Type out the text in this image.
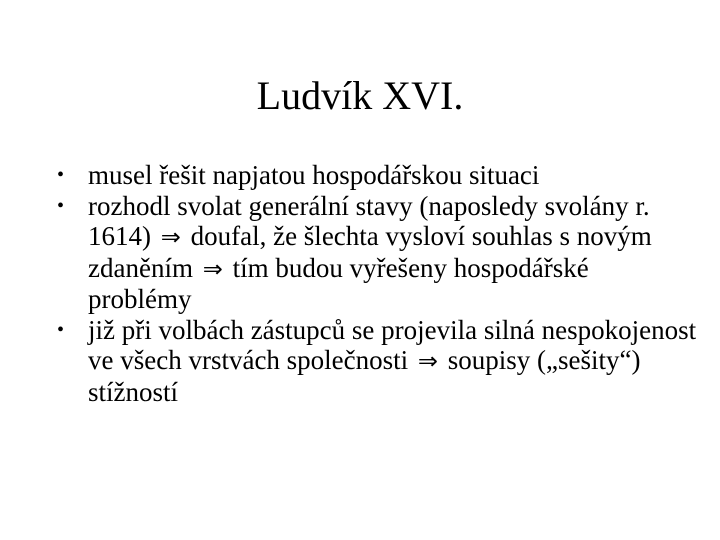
Ludvík XVI.
• musel řešit napjatou hospodářskou situaci
• rozhodl svolat generální stavy (naposledy svolány r. 1614) ⇒ doufal, že šlechta vysloví souhlas s novým zdaněním ⇒ tím budou vyřešeny hospodářské problémy
• již při volbách zástupců se projevila silná nespokojenost ve všech vrstvách společnosti ⇒ soupisy („sešity“) stížností
